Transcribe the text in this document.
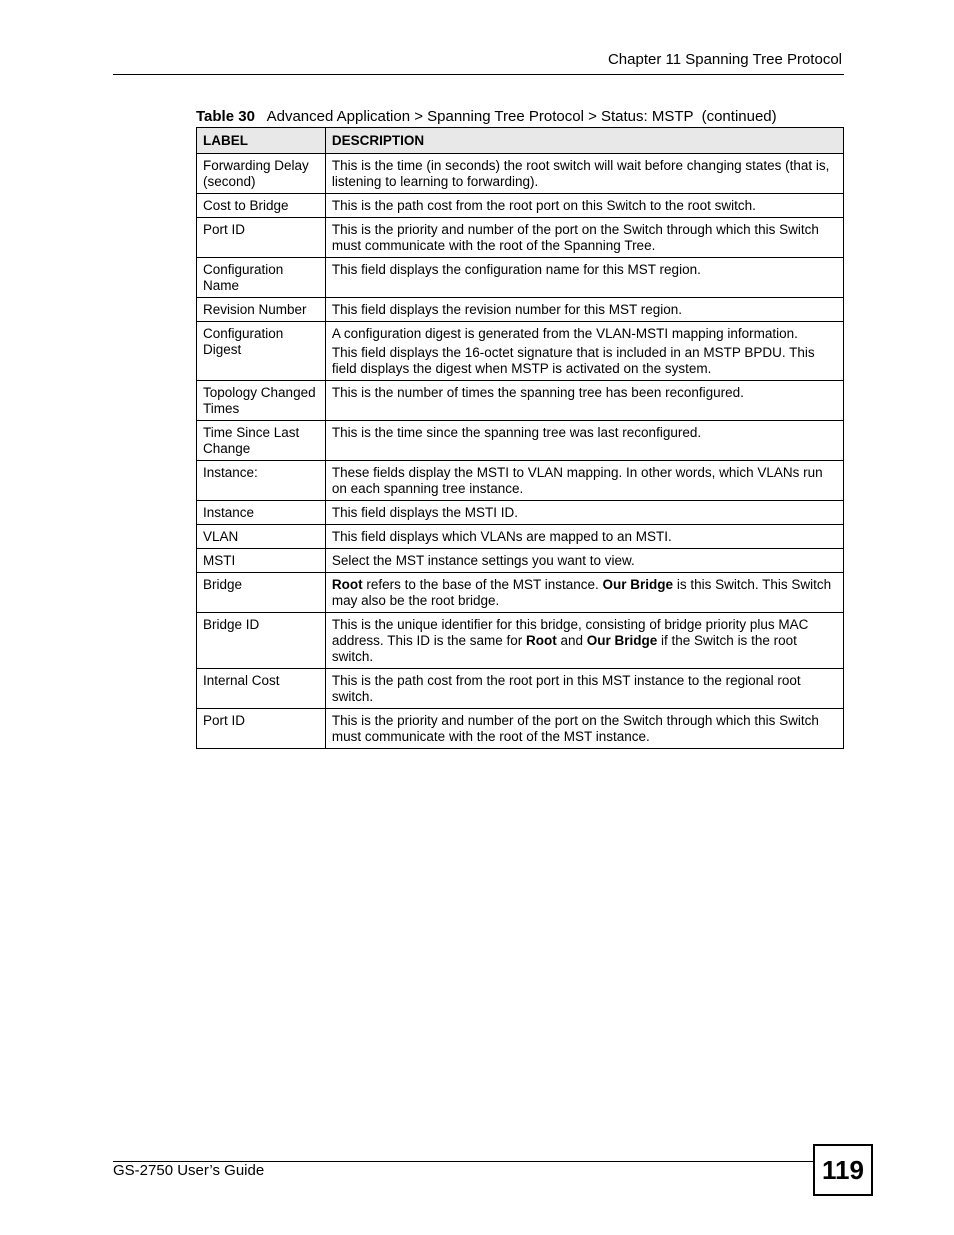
Chapter 11 Spanning Tree Protocol
Table 30 Advanced Application > Spanning Tree Protocol > Status: MSTP  (continued)
LABEL	DESCRIPTION
Forwarding Delay (second)	This is the time (in seconds) the root switch will wait before changing states (that is, listening to learning to forwarding).

Cost to Bridge	This is the path cost from the root port on this Switch to the root switch.

Port ID	This is the priority and number of the port on the Switch through which this Switch must communicate with the root of the Spanning Tree.

Configuration Name	This field displays the configuration name for this MST region.

Revision Number	This field displays the revision number for this MST region.

Configuration Digest	A configuration digest is generated from the VLAN-MSTI mapping information.

This field displays the 16-octet signature that is included in an MSTP BPDU. This field displays the digest when MSTP is activated on the system.

Topology Changed Times	This is the number of times the spanning tree has been reconfigured.

Time Since Last Change	This is the time since the spanning tree was last reconfigured.

Instance:	These fields display the MSTI to VLAN mapping. In other words, which VLANs run on each spanning tree instance.

Instance	This field displays the MSTI ID.

VLAN	This field displays which VLANs are mapped to an MSTI.

MSTI	Select the MST instance settings you want to view.

Bridge	Root refers to the base of the MST instance. Our Bridge is this Switch. This Switch may also be the root bridge.

Bridge ID	This is the unique identifier for this bridge, consisting of bridge priority plus MAC address. This ID is the same for Root and Our Bridge if the Switch is the root switch.

Internal Cost	This is the path cost from the root port in this MST instance to the regional root switch.

Port ID	This is the priority and number of the port on the Switch through which this Switch must communicate with the root of the MST instance.

GS-2750 User’s Guide	119
